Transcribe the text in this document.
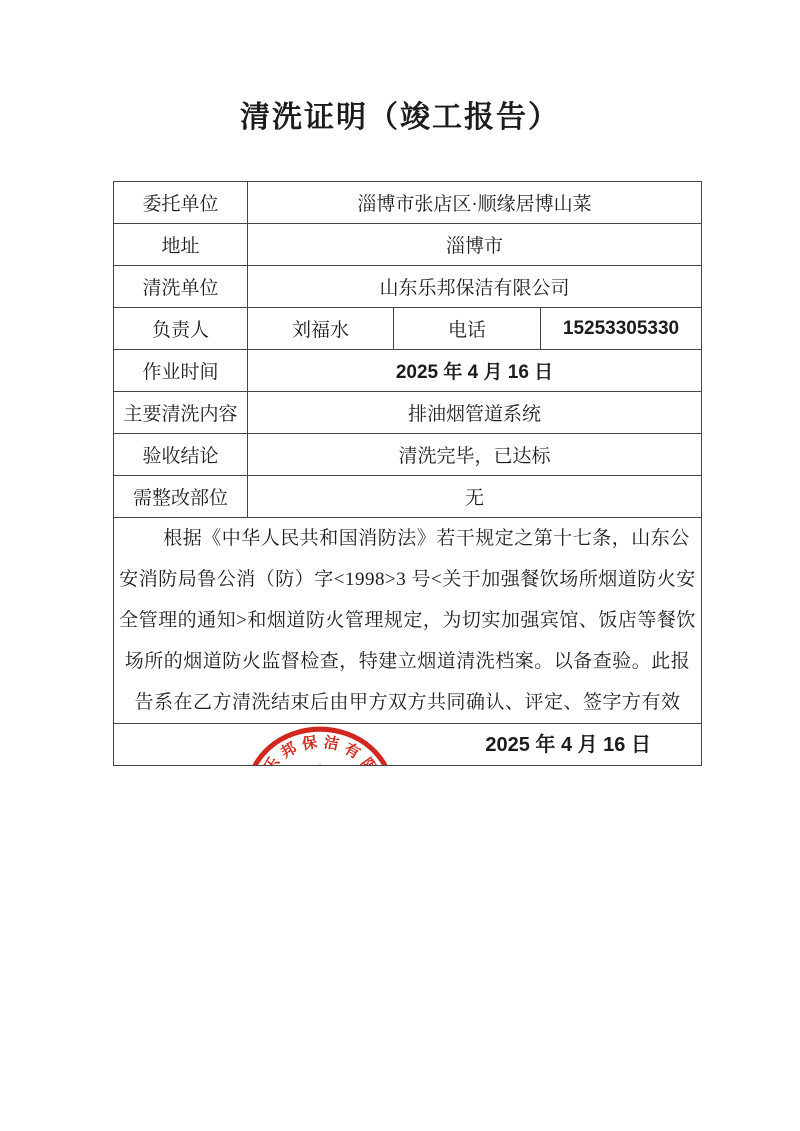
清洗证明（竣工报告）
委托单位	淄博市张店区·顺缘居博山菜		
地址	淄博市		
清洗单位	山东乐邦保洁有限公司		
负责人	刘福水	电话	15253305330
作业时间	2025 年 4 月 16 日		
主要清洗内容	排油烟管道系统		
验收结论	清洗完毕，已达标		
需整改部位	无		

根据《中华人民共和国消防法》若干规定之第十七条，山东公安消防局鲁公消（防）字<1998>3 号<关于加强餐饮场所烟道防火安全管理的通知>和烟道防火管理规定，为切实加强宾馆、饭店等餐饮场所的烟道防火监督检查，特建立烟道清洗档案。以备查验。此报告系在乙方清洗结束后由甲方双方共同确认、评定、签字方有效			

山东乐邦保洁有限公司
3703073109975
2025 年 4 月 16 日			
